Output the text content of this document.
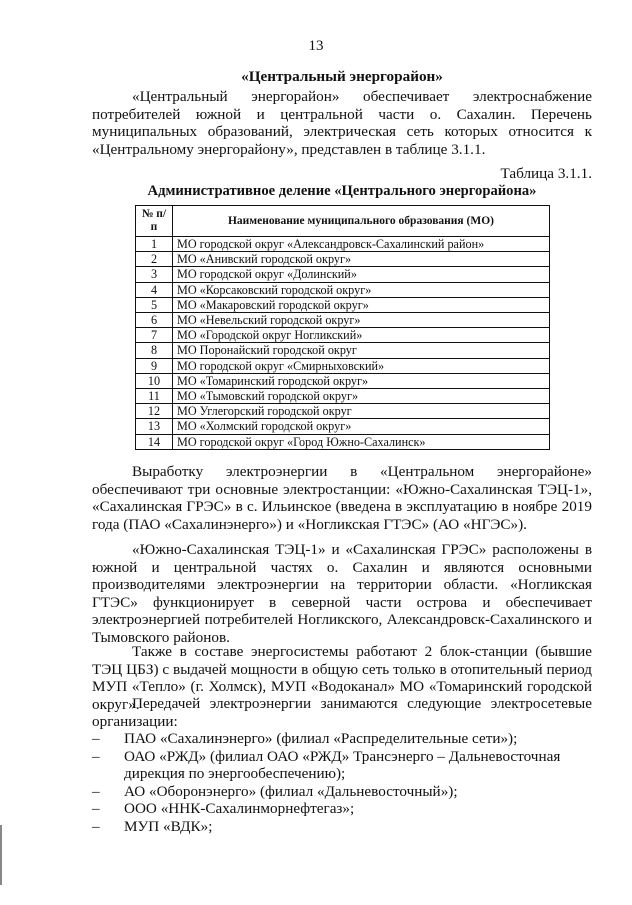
13
«Центральный энергорайон»
«Центральный энергорайон» обеспечивает электроснабжение потребителей южной и центральной части о. Сахалин. Перечень муниципальных образований, электрическая сеть которых относится к «Центральному энергорайону», представлен в таблице 3.1.1.
Таблица 3.1.1.
Административное деление «Центрального энергорайона»
№ п/п	Наименование муниципального образования (МО)
1	МО городской округ «Александровск-Сахалинский район»
2	МО «Анивский городской округ»
3	МО городской округ «Долинский»
4	МО «Корсаковский городской округ»
5	МО «Макаровский городской округ»
6	МО «Невельский городской округ»
7	МО «Городской округ Ногликский»
8	МО Поронайский городской округ
9	МО городской округ «Смирныховский»
10	МО «Томаринский городской округ»
11	МО «Тымовский городской округ»
12	МО Углегорский городской округ
13	МО «Холмский городской округ»
14	МО городской округ «Город Южно-Сахалинск»
Выработку электроэнергии в «Центральном энергорайоне» обеспечивают три основные электростанции: «Южно-Сахалинская ТЭЦ-1», «Сахалинская ГРЭС» в с. Ильинское (введена в эксплуатацию в ноябре 2019 года (ПАО «Сахалинэнерго») и «Ногликская ГТЭС» (АО «НГЭС»).
«Южно-Сахалинская ТЭЦ-1» и «Сахалинская ГРЭС» расположены в южной и центральной частях о. Сахалин и являются основными производителями электроэнергии на территории области. «Ногликская ГТЭС» функционирует в северной части острова и обеспечивает электроэнергией потребителей Ногликского, Александровск-Сахалинского и Тымовского районов.
Также в составе энергосистемы работают 2 блок-станции (бывшие ТЭЦ ЦБЗ) с выдачей мощности в общую сеть только в отопительный период МУП «Тепло» (г. Холмск), МУП «Водоканал» МО «Томаринский городской округ».
Передачей электроэнергии занимаются следующие электросетевые организации:
– ПАО «Сахалинэнерго» (филиал «Распределительные сети»);
– ОАО «РЖД» (филиал ОАО «РЖД» Трансэнерго – Дальневосточная дирекция по энергообеспечению);
– АО «Оборонэнерго» (филиал «Дальневосточный»);
– ООО «ННК-Сахалинморнефтегаз»;
– МУП «ВДК»;
